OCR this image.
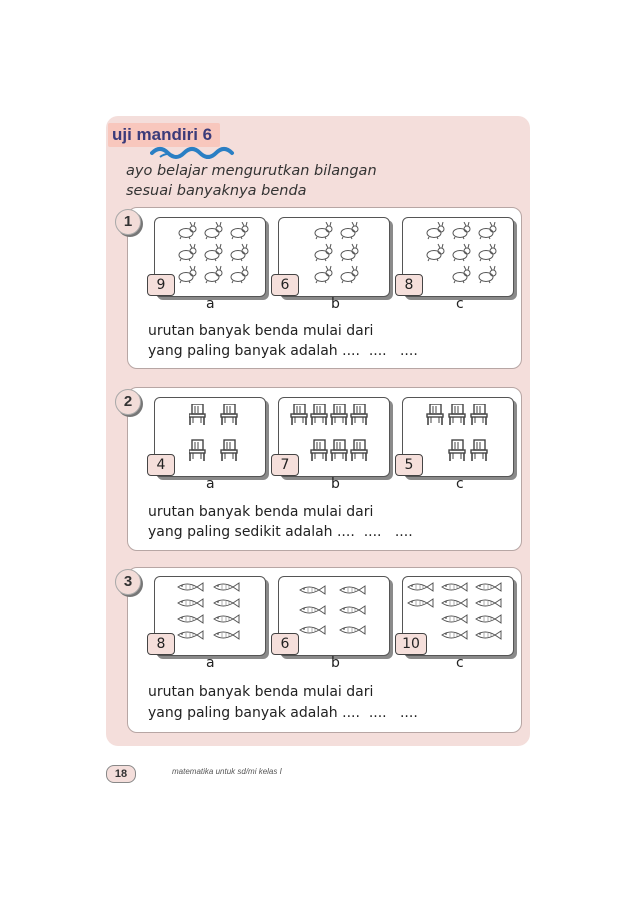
uji mandiri 6
ayo belajar mengurutkan bilangan
sesuai banyaknya benda
1
9	6	8
a	b	c
urutan banyak benda mulai dari
yang paling banyak adalah ....  ....   ....
2
4	7	5
a	b	c
urutan banyak benda mulai dari
yang paling sedikit adalah ....  ....   ....
3
8	6	10
a	b	c
urutan banyak benda mulai dari
yang paling banyak adalah ....  ....   ....
18	matematika untuk sd/mi kelas I
